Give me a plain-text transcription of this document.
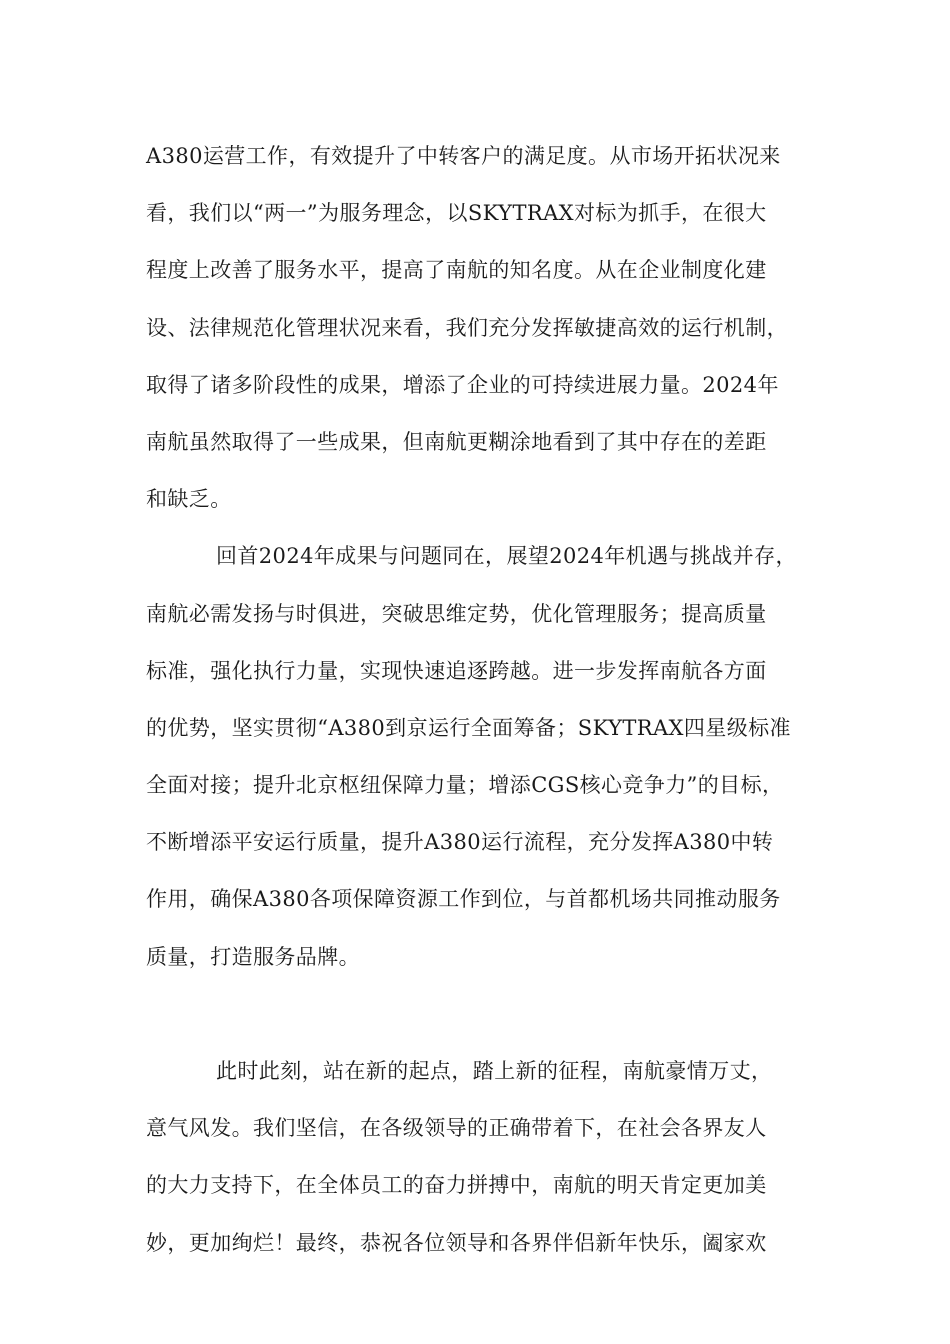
A380运营工作，有效提升了中转客户的满足度。从市场开拓状况来
看，我们以“两一”为服务理念，以SKYTRAX对标为抓手，在很大
程度上改善了服务水平，提高了南航的知名度。从在企业制度化建
设、法律规范化管理状况来看，我们充分发挥敏捷高效的运行机制，
取得了诸多阶段性的成果，增添了企业的可持续进展力量。2024年
南航虽然取得了一些成果，但南航更糊涂地看到了其中存在的差距
和缺乏。
回首2024年成果与问题同在，展望2024年机遇与挑战并存，
南航必需发扬与时俱进，突破思维定势，优化管理服务；提高质量
标准，强化执行力量，实现快速追逐跨越。进一步发挥南航各方面
的优势，坚实贯彻“A380到京运行全面筹备；SKYTRAX四星级标准
全面对接；提升北京枢纽保障力量；增添CGS核心竞争力”的目标，
不断增添平安运行质量，提升A380运行流程，充分发挥A380中转
作用，确保A380各项保障资源工作到位，与首都机场共同推动服务
质量，打造服务品牌。
此时此刻，站在新的起点，踏上新的征程，南航豪情万丈，
意气风发。我们坚信，在各级领导的正确带着下，在社会各界友人
的大力支持下，在全体员工的奋力拼搏中，南航的明天肯定更加美
妙，更加绚烂！最终，恭祝各位领导和各界伴侣新年快乐，阖家欢
